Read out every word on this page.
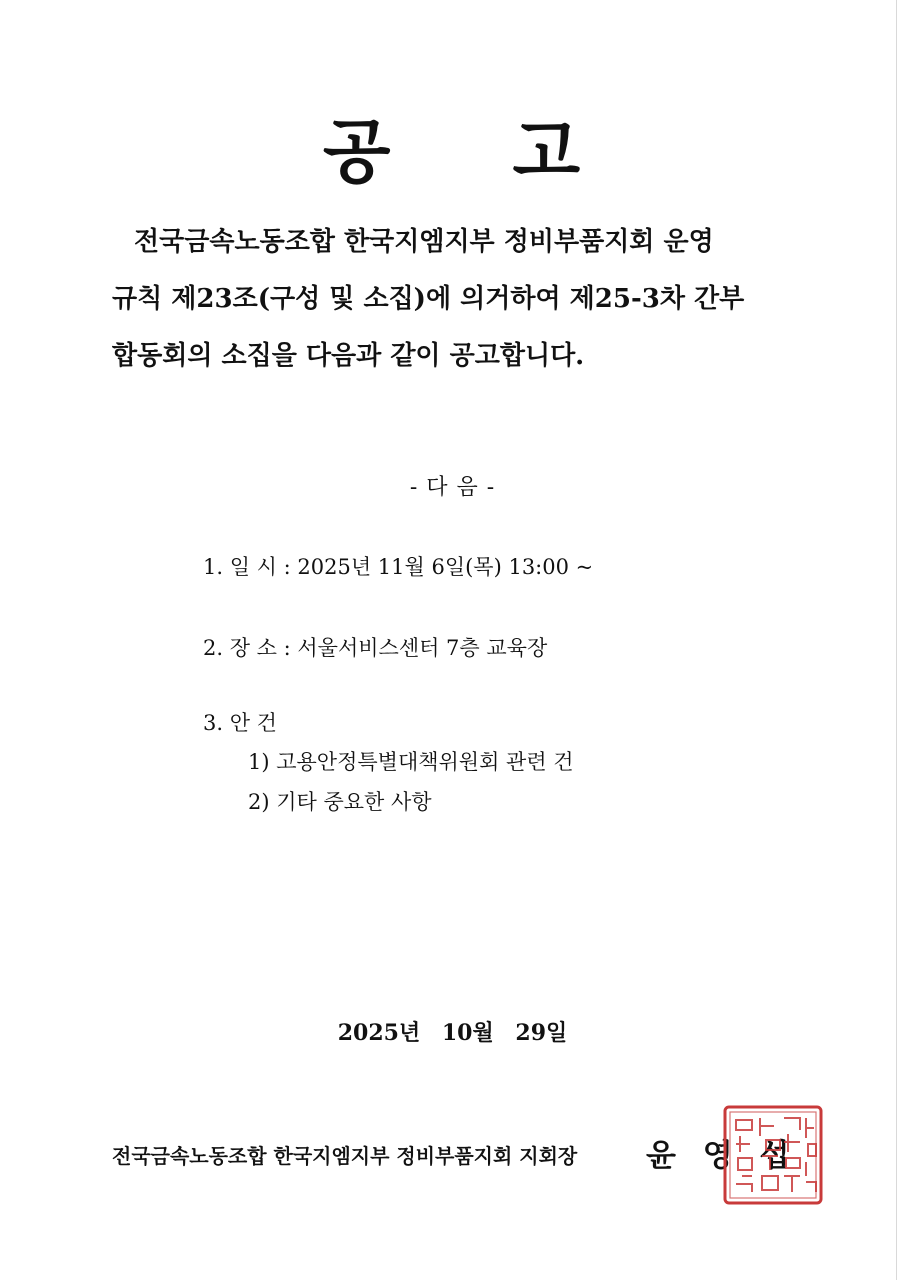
공 고
전국금속노동조합 한국지엠지부 정비부품지회 운영
규칙 제23조(구성 및 소집)에 의거하여 제25-3차 간부
합동회의 소집을 다음과 같이 공고합니다.
- 다 음 -
1. 일 시 : 2025년 11월 6일(목) 13:00 ~
2. 장 소 : 서울서비스센터 7층 교육장
3. 안 건
1) 고용안정특별대책위원회 관련 건
2) 기타 중요한 사항
2025년 10월 29일
전국금속노동조합 한국지엠지부 정비부품지회 지회장 윤 영 섭
